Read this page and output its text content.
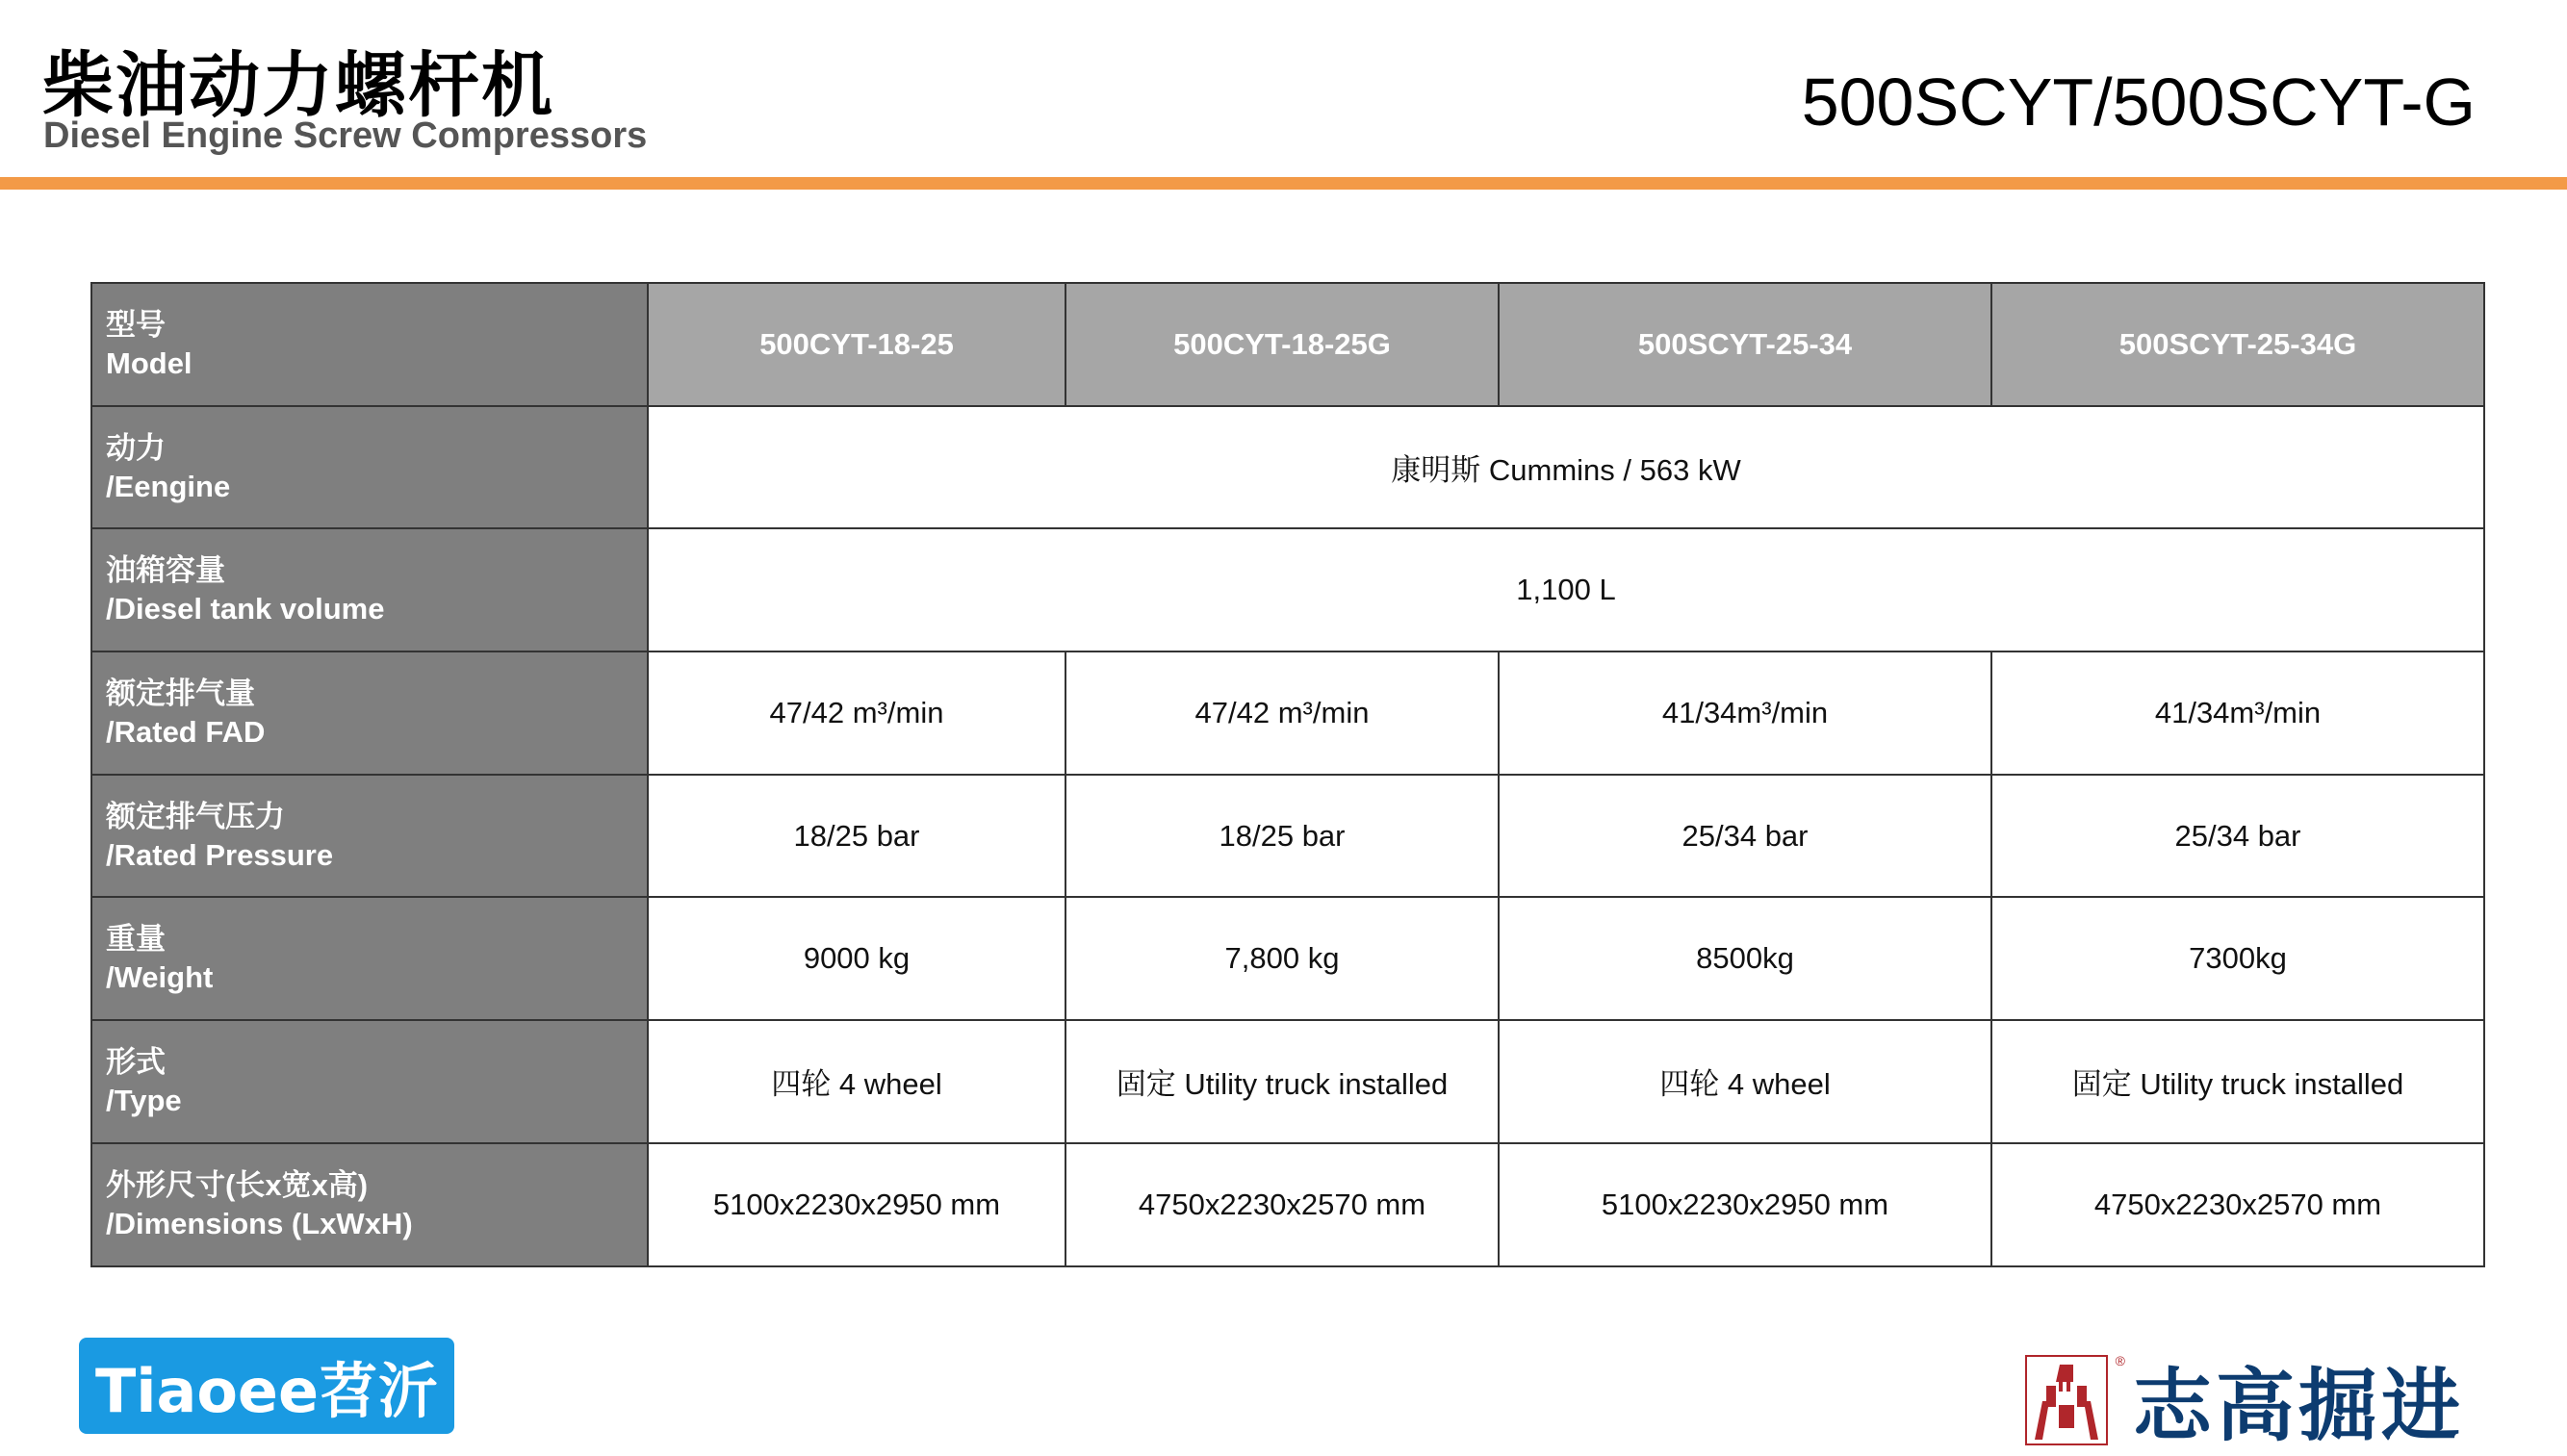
柴油动力螺杆机
Diesel Engine Screw Compressors	500SCYT/500SCYT-G
型号
Model	500CYT-18-25	500CYT-18-25G	500SCYT-25-34	500SCYT-25-34G

动力
/Eengine	康明斯 Cummins / 563 kW			

油箱容量
/Diesel tank volume	1,100 L			

额定排气量
/Rated FAD	47/42 m³/min	47/42 m³/min	41/34m³/min	41/34m³/min

额定排气压力
/Rated Pressure	18/25 bar	18/25 bar	25/34 bar	25/34 bar

重量
/Weight	9000 kg	7,800 kg	8500kg	7300kg

形式
/Type	四轮 4 wheel	固定 Utility truck installed	四轮 4 wheel	固定 Utility truck installed

外形尺寸(长x宽x高)
/Dimensions (LxWxH)	5100x2230x2950 mm	4750x2230x2570 mm	5100x2230x2950 mm	4750x2230x2570 mm
Tiaoee苕沂	®
志高掘进
